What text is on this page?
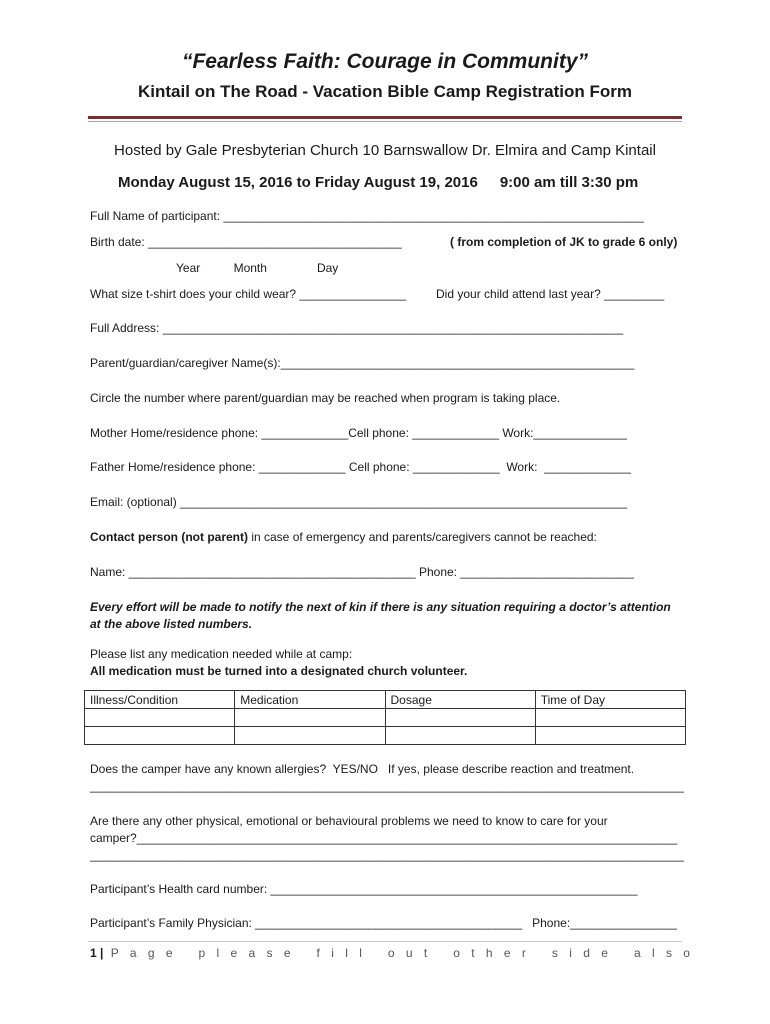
“Fearless Faith: Courage in Community”
Kintail on The Road - Vacation Bible Camp Registration Form
Hosted by Gale Presbyterian Church 10 Barnswallow Dr. Elmira and Camp Kintail
Monday August 15, 2016 to Friday August 19, 2016 9:00 am till 3:30 pm
Full Name of participant: _______________________________________________________________
Birth date: ______________________________________	( from completion of JK to grade 6 only)
Year          Month               Day
What size t-shirt does your child wear? ________________ Did your child attend last year? _________
Full Address: _____________________________________________________________________
Parent/guardian/caregiver Name(s):_____________________________________________________
Circle the number where parent/guardian may be reached when program is taking place.
Mother Home/residence phone: _____________Cell phone: _____________ Work:______________
Father Home/residence phone: _____________ Cell phone: _____________  Work:  _____________
Email: (optional) ___________________________________________________________________
Contact person (not parent) in case of emergency and parents/caregivers cannot be reached:
Name: ___________________________________________ Phone: __________________________
Every effort will be made to notify the next of kin if there is any situation requiring a doctor’s attention
at the above listed numbers.
Please list any medication needed while at camp:
All medication must be turned into a designated church volunteer.
Illness/Condition	Medication	Dosage	Time of Day

Does the camper have any known allergies?  YES/NO   If yes, please describe reaction and treatment.
_________________________________________________________________________________________
Are there any other physical, emotional or behavioural problems we need to know to care for your
camper?_________________________________________________________________________________
_________________________________________________________________________________________
Participant’s Health card number: _______________________________________________________
Participant’s Family Physician: ________________________________________   Phone:________________
1 | P a g e   p l e a s e   f i l l   o u t   o t h e r   s i d e   a l s o
